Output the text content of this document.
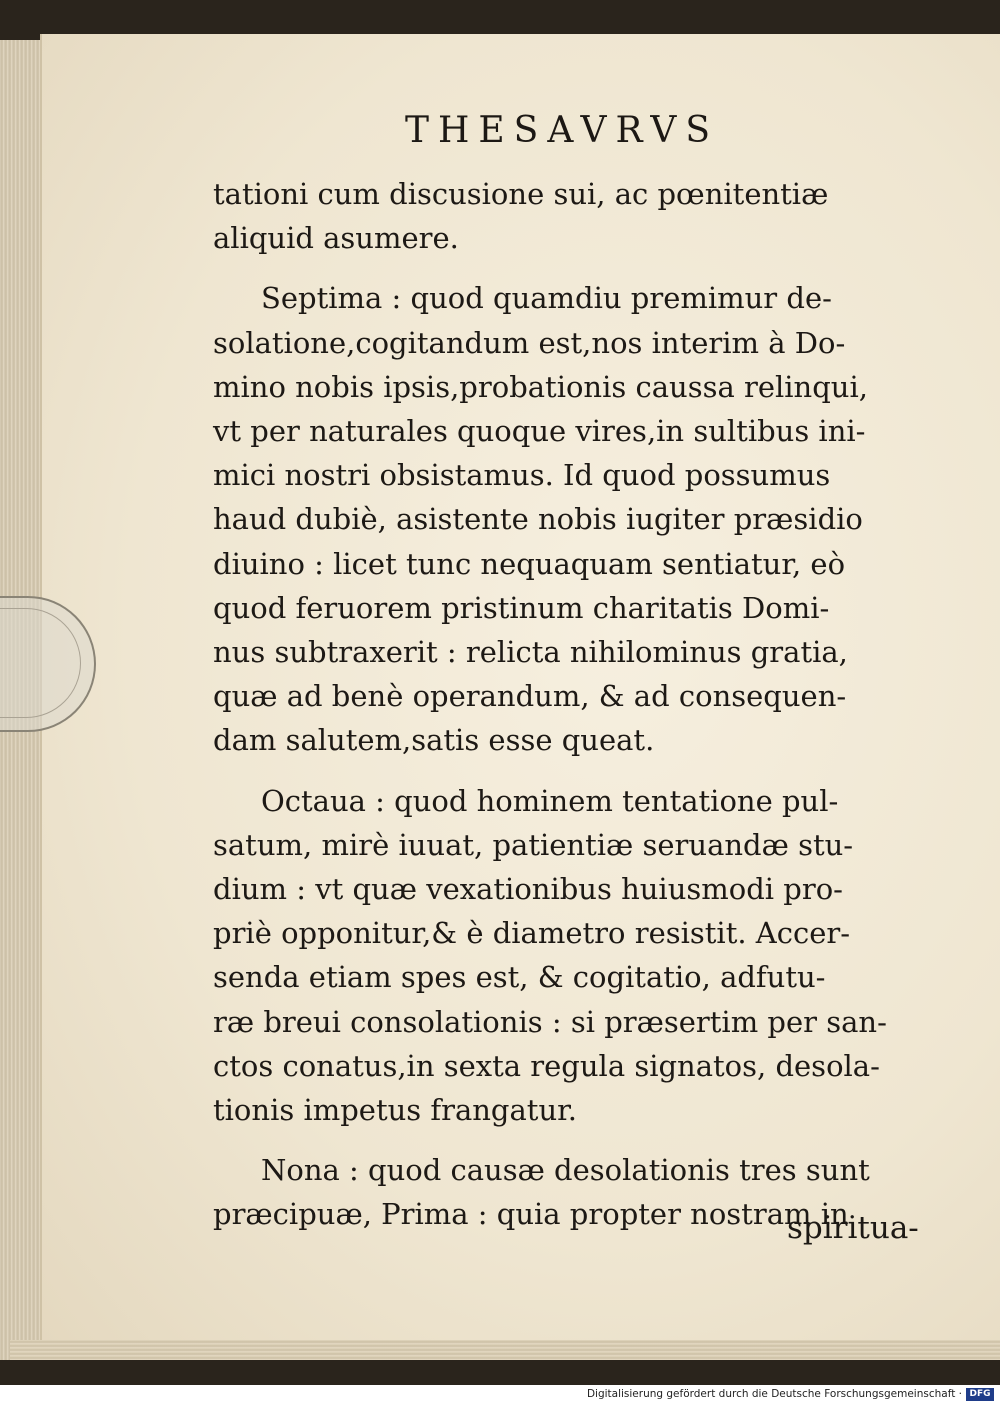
THESAVRVS

tationi cum discusione sui, ac pœnitentiæ
aliquid asumere.

Septima : quod quamdiu premimur de-
solatione,cogitandum est,nos interim à Do-
mino nobis ipsis,probationis caussa relinqui,
vt per naturales quoque vires,in sultibus ini-
mici nostri obsistamus. Id quod possumus
haud dubiè, asistente nobis iugiter præsidio
diuino : licet tunc nequaquam sentiatur, eò
quod feruorem pristinum charitatis Domi-
nus subtraxerit : relicta nihilominus gratia,
quæ ad benè operandum, & ad consequen-
dam salutem,satis esse queat.

Octaua : quod hominem tentatione pul-
satum, mirè iuuat, patientiæ seruandæ stu-
dium : vt quæ vexationibus huiusmodi pro-
priè opponitur,& è diametro resistit. Accer-
senda etiam spes est, & cogitatio, adfutu-
ræ breui consolationis : si præsertim per san-
ctos conatus,in sexta regula signatos, desola-
tionis impetus frangatur.

Nona : quod causæ desolationis tres sunt
præcipuæ, Prima : quia propter nostram in

spiritua-
Digitalisierung gefördert durch die Deutsche Forschungsgemeinschaft · DFG
